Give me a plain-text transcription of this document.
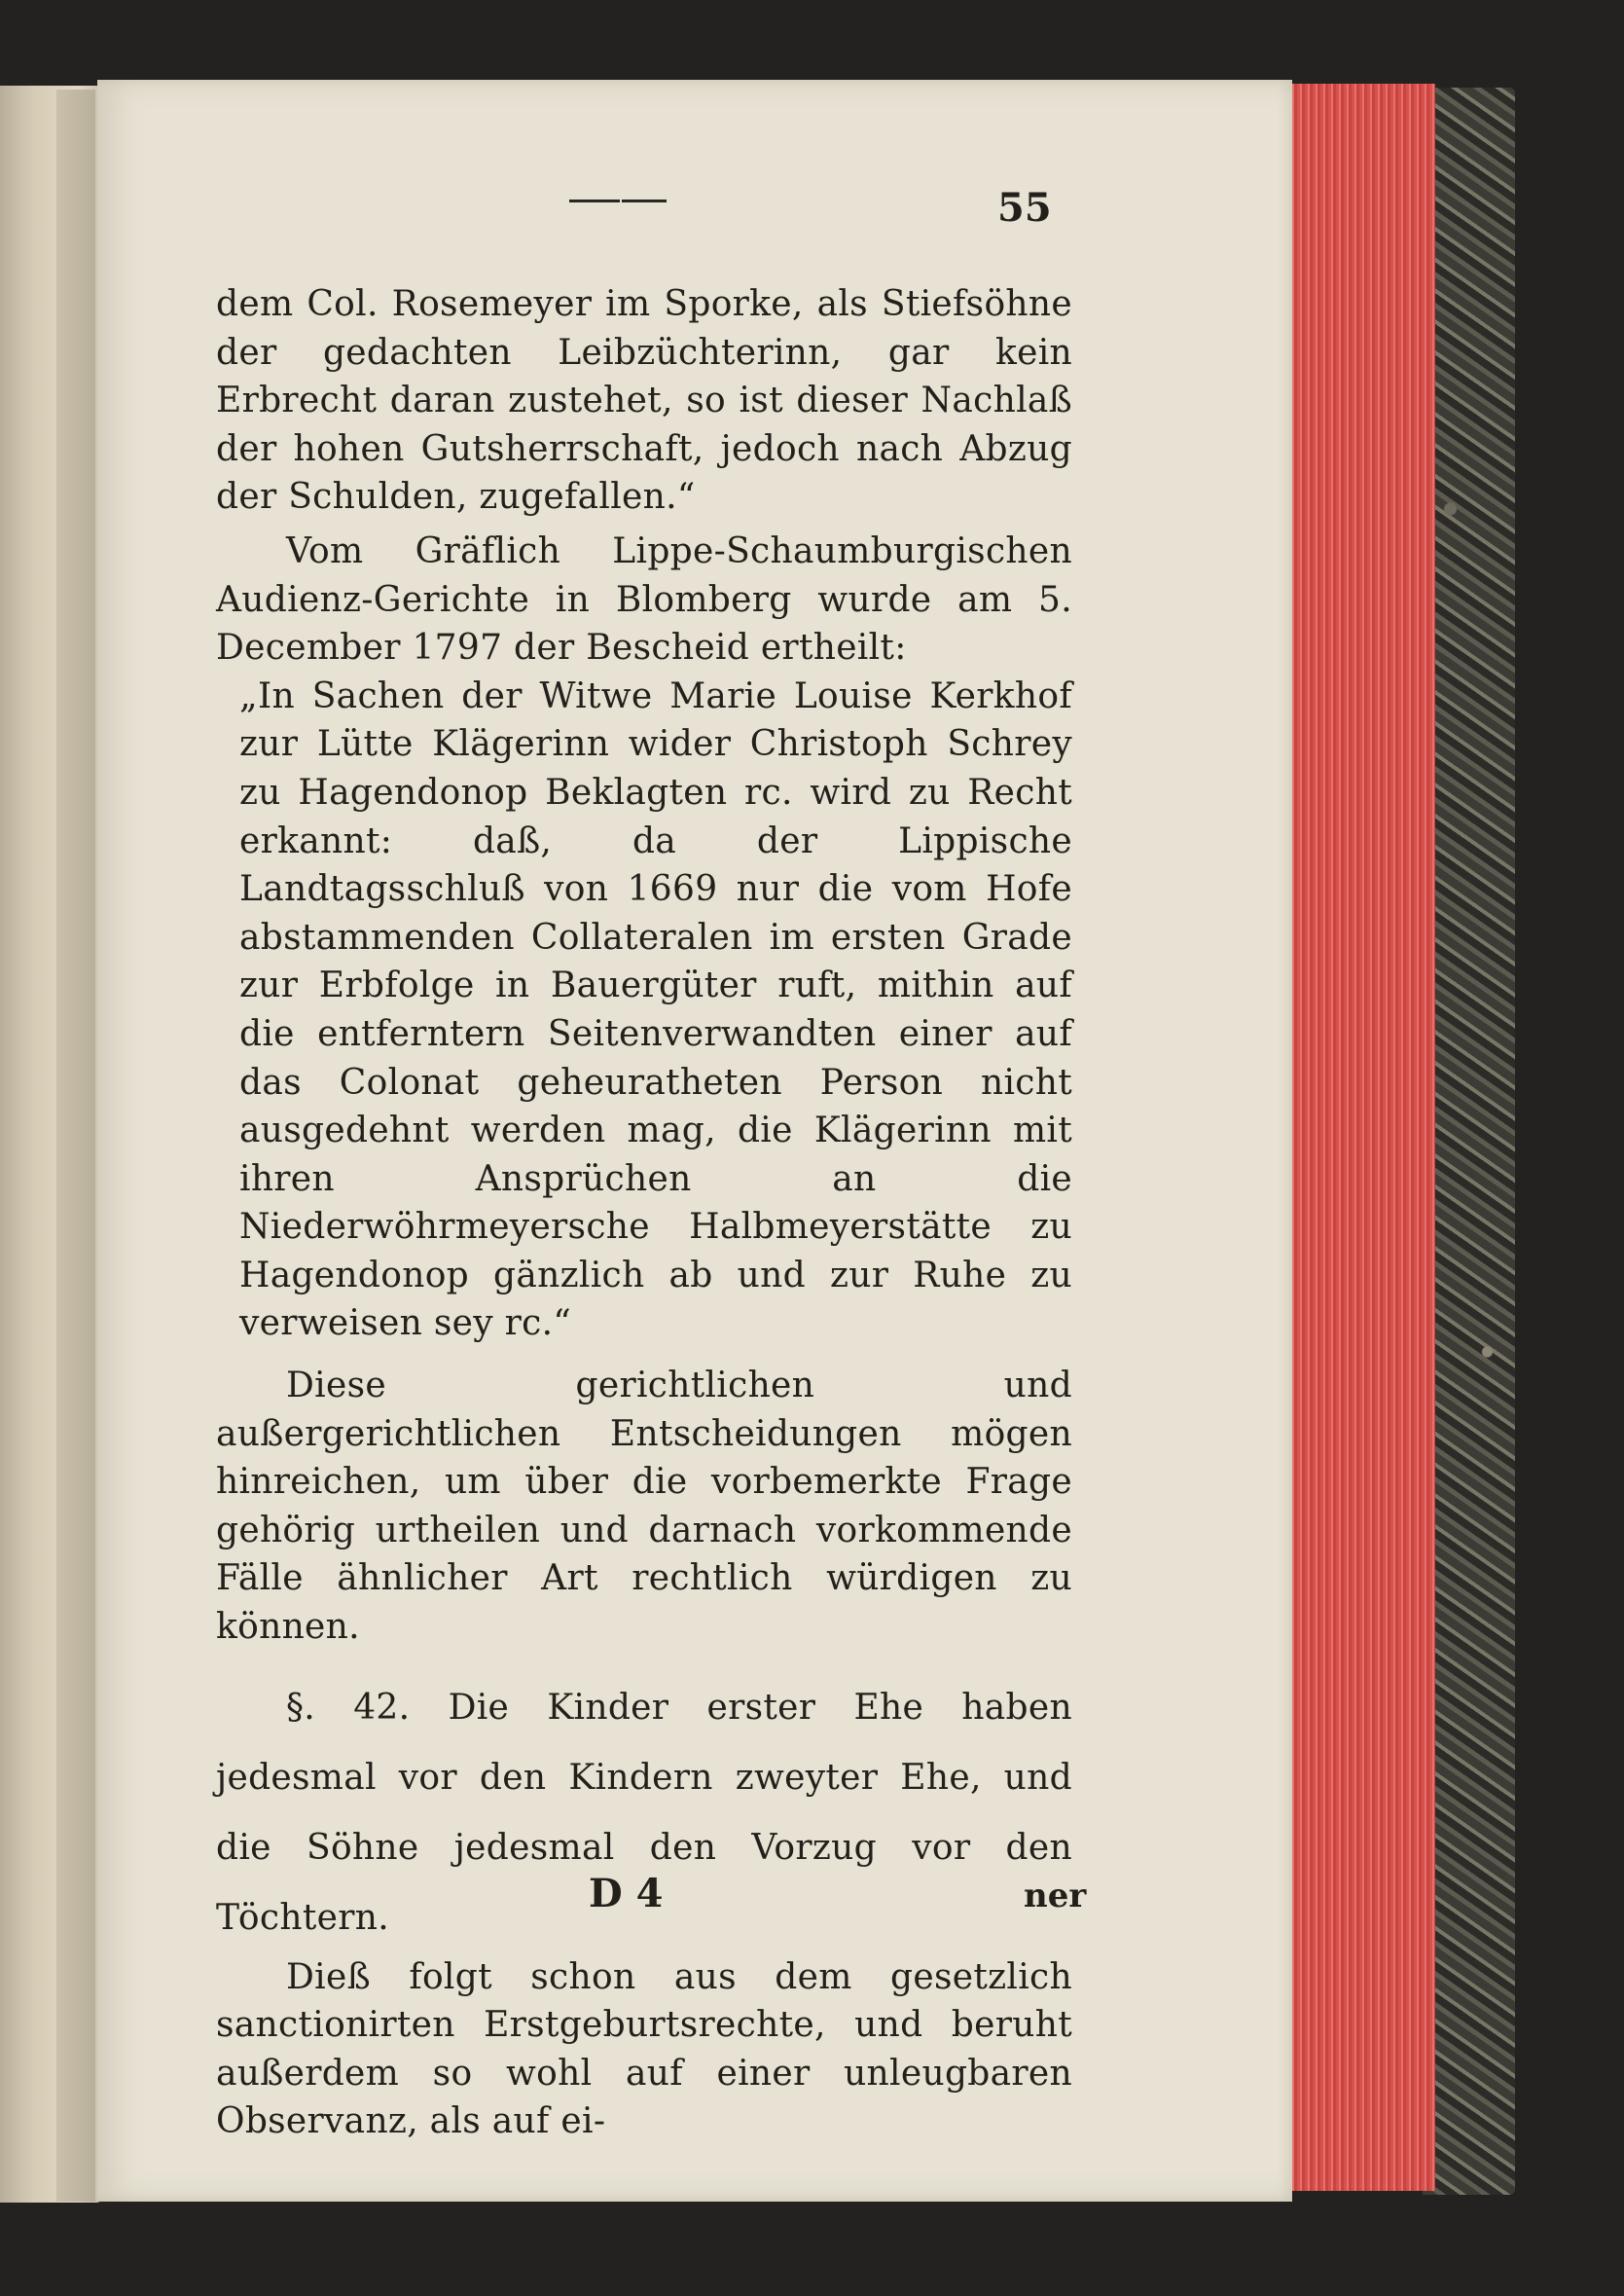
55

dem Col. Rosemeyer im Sporke, als Stiefsöhne der gedachten Leibzüchterinn, gar kein Erbrecht daran zustehet, so ist dieser Nachlaß der hohen Gutsherrschaft, jedoch nach Abzug der Schulden, zugefallen.“

Vom Gräflich Lippe-Schaumburgischen Audienz-Gerichte in Blomberg wurde am 5. December 1797 der Bescheid ertheilt:

„In Sachen der Witwe Marie Louise Kerkhof zur Lütte Klägerinn wider Christoph Schrey zu Hagendonop Beklagten rc. wird zu Recht erkannt: daß, da der Lippische Landtagsschluß von 1669 nur die vom Hofe abstammenden Collateralen im ersten Grade zur Erbfolge in Bauergüter ruft, mithin auf die entferntern Seitenverwandten einer auf das Colonat geheuratheten Person nicht ausgedehnt werden mag, die Klägerinn mit ihren Ansprüchen an die Niederwöhrmeyersche Halbmeyerstätte zu Hagendonop gänzlich ab und zur Ruhe zu verweisen sey rc.“

Diese gerichtlichen und außergerichtlichen Entscheidungen mögen hinreichen, um über die vorbemerkte Frage gehörig urtheilen und darnach vorkommende Fälle ähnlicher Art rechtlich würdigen zu können.

§. 42. Die Kinder erster Ehe haben jedesmal vor den Kindern zweyter Ehe, und die Söhne jedesmal den Vorzug vor den Töchtern.

Dieß folgt schon aus dem gesetzlich sanctionirten Erstgeburtsrechte, und beruht außerdem so wohl auf einer unleugbaren Observanz, als auf ei-

D 4	ner
